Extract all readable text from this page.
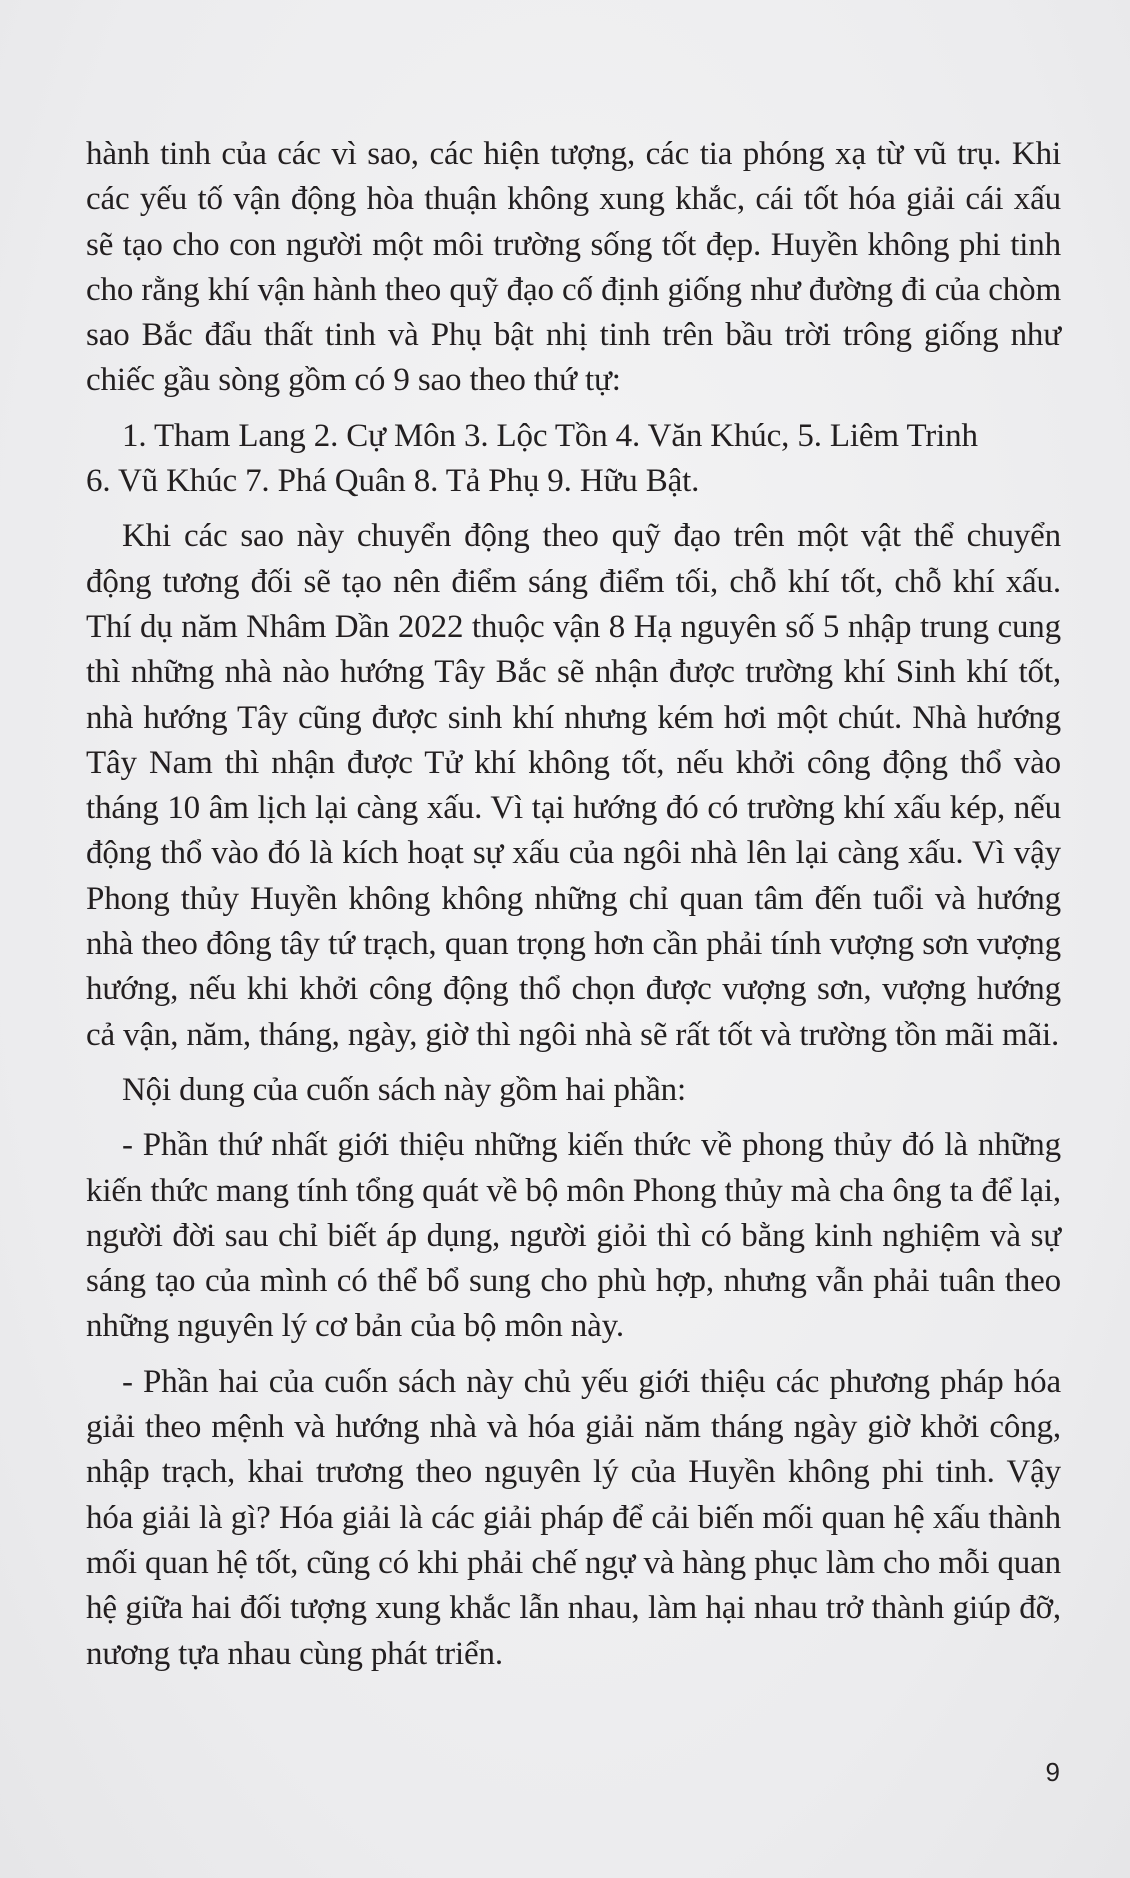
hành tinh của các vì sao, các hiện tượng, các tia phóng xạ từ vũ trụ. Khi các yếu tố vận động hòa thuận không xung khắc, cái tốt hóa giải cái xấu sẽ tạo cho con người một môi trường sống tốt đẹp. Huyền không phi tinh cho rằng khí vận hành theo quỹ đạo cố định giống như đường đi của chòm sao Bắc đẩu thất tinh và Phụ bật nhị tinh trên bầu trời trông giống như chiếc gầu sòng gồm có 9 sao theo thứ tự:

1. Tham Lang 2. Cự Môn 3. Lộc Tồn 4. Văn Khúc, 5. Liêm Trinh
6. Vũ Khúc 7. Phá Quân 8. Tả Phụ 9. Hữu Bật.

Khi các sao này chuyển động theo quỹ đạo trên một vật thể chuyển động tương đối sẽ tạo nên điểm sáng điểm tối, chỗ khí tốt, chỗ khí xấu. Thí dụ năm Nhâm Dần 2022 thuộc vận 8 Hạ nguyên số 5 nhập trung cung thì những nhà nào hướng Tây Bắc sẽ nhận được trường khí Sinh khí tốt, nhà hướng Tây cũng được sinh khí nhưng kém hơi một chút. Nhà hướng Tây Nam thì nhận được Tử khí không tốt, nếu khởi công động thổ vào tháng 10 âm lịch lại càng xấu. Vì tại hướng đó có trường khí xấu kép, nếu động thổ vào đó là kích hoạt sự xấu của ngôi nhà lên lại càng xấu. Vì vậy Phong thủy Huyền không không những chỉ quan tâm đến tuổi và hướng nhà theo đông tây tứ trạch, quan trọng hơn cần phải tính vượng sơn vượng hướng, nếu khi khởi công động thổ chọn được vượng sơn, vượng hướng cả vận, năm, tháng, ngày, giờ thì ngôi nhà sẽ rất tốt và trường tồn mãi mãi.

Nội dung của cuốn sách này gồm hai phần:

- Phần thứ nhất giới thiệu những kiến thức về phong thủy đó là những kiến thức mang tính tổng quát về bộ môn Phong thủy mà cha ông ta để lại, người đời sau chỉ biết áp dụng, người giỏi thì có bằng kinh nghiệm và sự sáng tạo của mình có thể bổ sung cho phù hợp, nhưng vẫn phải tuân theo những nguyên lý cơ bản của bộ môn này.

- Phần hai của cuốn sách này chủ yếu giới thiệu các phương pháp hóa giải theo mệnh và hướng nhà và hóa giải năm tháng ngày giờ khởi công, nhập trạch, khai trương theo nguyên lý của Huyền không phi tinh. Vậy hóa giải là gì? Hóa giải là các giải pháp để cải biến mối quan hệ xấu thành mối quan hệ tốt, cũng có khi phải chế ngự và hàng phục làm cho mỗi quan hệ giữa hai đối tượng xung khắc lẫn nhau, làm hại nhau trở thành giúp đỡ, nương tựa nhau cùng phát triển.

9
